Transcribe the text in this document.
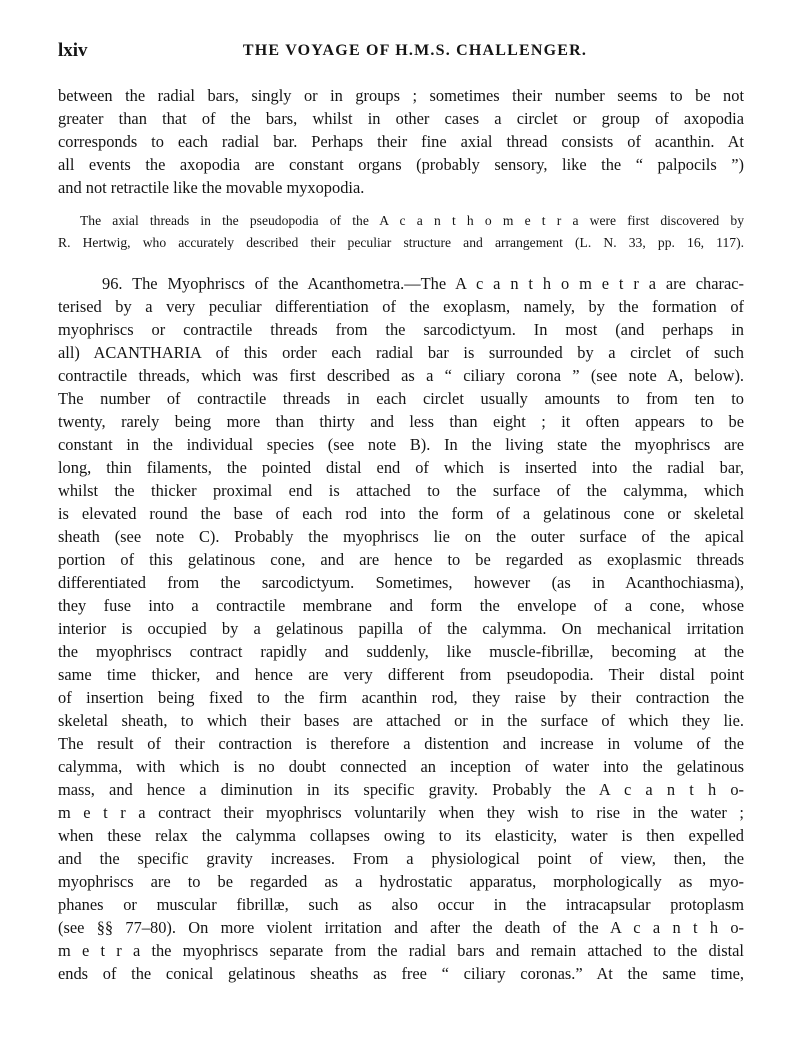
lxiv	THE VOYAGE OF H.M.S. CHALLENGER.
between the radial bars, singly or in groups ; sometimes their number seems to be not
greater than that of the bars, whilst in other cases a circlet or group of axopodia
corresponds to each radial bar. Perhaps their fine axial thread consists of acanthin. At
all events the axopodia are constant organs (probably sensory, like the “ palpocils ”)
and not retractile like the movable myxopodia.
The axial threads in the pseudopodia of the A c a n t h o m e t r a were first discovered by
R. Hertwig, who accurately described their peculiar structure and arrangement (L. N. 33, pp. 16, 117).
96. The Myophriscs of the Acanthometra.—The A c a n t h o m e t r a are charac-
terised by a very peculiar differentiation of the exoplasm, namely, by the formation of
myophriscs or contractile threads from the sarcodictyum. In most (and perhaps in
all) ACANTHARIA of this order each radial bar is surrounded by a circlet of such
contractile threads, which was first described as a “ ciliary corona ” (see note A, below).
The number of contractile threads in each circlet usually amounts to from ten to
twenty, rarely being more than thirty and less than eight ; it often appears to be
constant in the individual species (see note B). In the living state the myophriscs are
long, thin filaments, the pointed distal end of which is inserted into the radial bar,
whilst the thicker proximal end is attached to the surface of the calymma, which
is elevated round the base of each rod into the form of a gelatinous cone or skeletal
sheath (see note C). Probably the myophriscs lie on the outer surface of the apical
portion of this gelatinous cone, and are hence to be regarded as exoplasmic threads
differentiated from the sarcodictyum. Sometimes, however (as in Acanthochiasma),
they fuse into a contractile membrane and form the envelope of a cone, whose
interior is occupied by a gelatinous papilla of the calymma. On mechanical irritation
the myophriscs contract rapidly and suddenly, like muscle-fibrillæ, becoming at the
same time thicker, and hence are very different from pseudopodia. Their distal point
of insertion being fixed to the firm acanthin rod, they raise by their contraction the
skeletal sheath, to which their bases are attached or in the surface of which they lie.
The result of their contraction is therefore a distention and increase in volume of the
calymma, with which is no doubt connected an inception of water into the gelatinous
mass, and hence a diminution in its specific gravity. Probably the A c a n t h o-
m e t r a contract their myophriscs voluntarily when they wish to rise in the water ;
when these relax the calymma collapses owing to its elasticity, water is then expelled
and the specific gravity increases. From a physiological point of view, then, the
myophriscs are to be regarded as a hydrostatic apparatus, morphologically as myo-
phanes or muscular fibrillæ, such as also occur in the intracapsular protoplasm
(see §§ 77–80). On more violent irritation and after the death of the A c a n t h o-
m e t r a the myophriscs separate from the radial bars and remain attached to the distal
ends of the conical gelatinous sheaths as free “ ciliary coronas.” At the same time,
